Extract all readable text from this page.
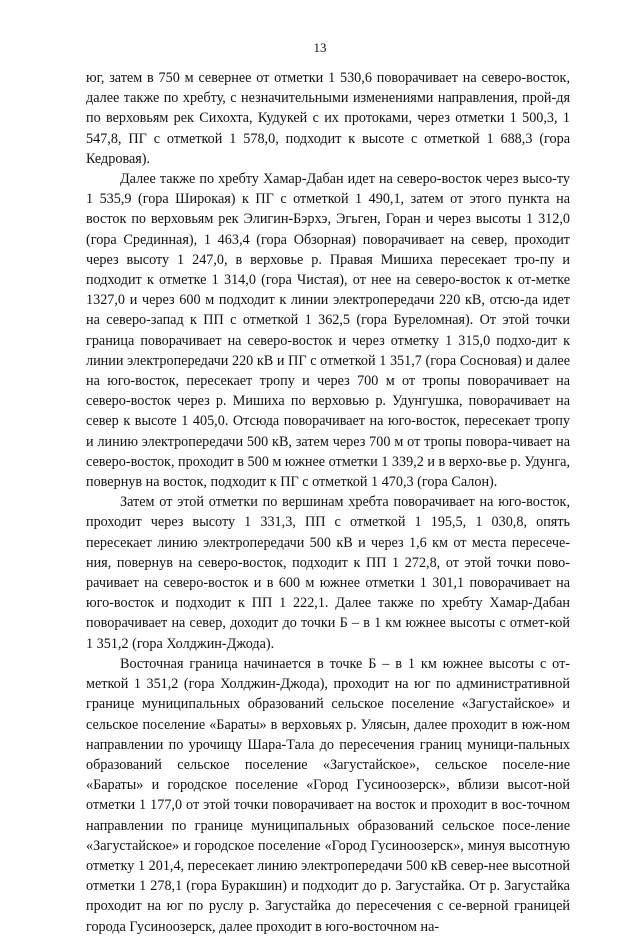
13

юг, затем в 750 м севернее от отметки 1 530,6 поворачивает на северо-восток, далее также по хребту, с незначительными изменениями направления, прой-дя по верховьям рек Сихохта, Кудукей с их протоками, через отметки 1 500,3, 1 547,8, ПГ с отметкой 1 578,0, подходит к высоте с отметкой 1 688,3 (гора Кедровая).

Далее также по хребту Хамар-Дабан идет на северо-восток через высо-ту 1 535,9 (гора Широкая) к ПГ с отметкой 1 490,1, затем от этого пункта на восток по верховьям рек Элигин-Бэрхэ, Эгьген, Горан и через высоты 1 312,0 (гора Срединная), 1 463,4 (гора Обзорная) поворачивает на север, проходит через высоту 1 247,0, в верховье р. Правая Мишиха пересекает тро-пу и подходит к отметке 1 314,0 (гора Чистая), от нее на северо-восток к от-метке 1327,0 и через 600 м подходит к линии электропередачи 220 кВ, отсю-да идет на северо-запад к ПП с отметкой 1 362,5 (гора Буреломная). От этой точки граница поворачивает на северо-восток и через отметку 1 315,0 подхо-дит к линии электропередачи 220 кВ и ПГ с отметкой 1 351,7 (гора Сосновая) и далее на юго-восток, пересекает тропу и через 700 м от тропы поворачивает на северо-восток через р. Мишиха по верховью р. Удунгушка, поворачивает на север к высоте 1 405,0. Отсюда поворачивает на юго-восток, пересекает тропу и линию электропередачи 500 кВ, затем через 700 м от тропы повора-чивает на северо-восток, проходит в 500 м южнее отметки 1 339,2 и в верхо-вье р. Удунга, повернув на восток, подходит к ПГ с отметкой 1 470,3 (гора Салон).

Затем от этой отметки по вершинам хребта поворачивает на юго-восток, проходит через высоту 1 331,3, ПП с отметкой 1 195,5, 1 030,8, опять пересекает линию электропередачи 500 кВ и через 1,6 км от места пересече-ния, повернув на северо-восток, подходит к ПП 1 272,8, от этой точки пово-рачивает на северо-восток и в 600 м южнее отметки 1 301,1 поворачивает на юго-восток и подходит к ПП 1 222,1. Далее также по хребту Хамар-Дабан поворачивает на север, доходит до точки Б – в 1 км южнее высоты с отмет-кой 1 351,2 (гора Холджин-Джода).

Восточная граница начинается в точке Б – в 1 км южнее высоты с от-меткой 1 351,2 (гора Холджин-Джода), проходит на юг по административной границе муниципальных образований сельское поселение «Загустайское» и сельское поселение «Бараты» в верховьях р. Улясын, далее проходит в юж-ном направлении по урочищу Шара-Тала до пересечения границ муници-пальных образований сельское поселение «Загустайское», сельское поселе-ние «Бараты» и городское поселение «Город Гусиноозерск», вблизи высот-ной отметки 1 177,0 от этой точки поворачивает на восток и проходит в вос-точном направлении по границе муниципальных образований сельское посе-ление «Загустайское» и городское поселение «Город Гусиноозерск», минуя высотную отметку 1 201,4, пересекает линию электропередачи 500 кВ север-нее высотной отметки 1 278,1 (гора Буракшин) и подходит до р. Загустайка. От р. Загустайка проходит на юг по руслу р. Загустайка до пересечения с се-верной границей города Гусиноозерск, далее проходит в юго-восточном на-
